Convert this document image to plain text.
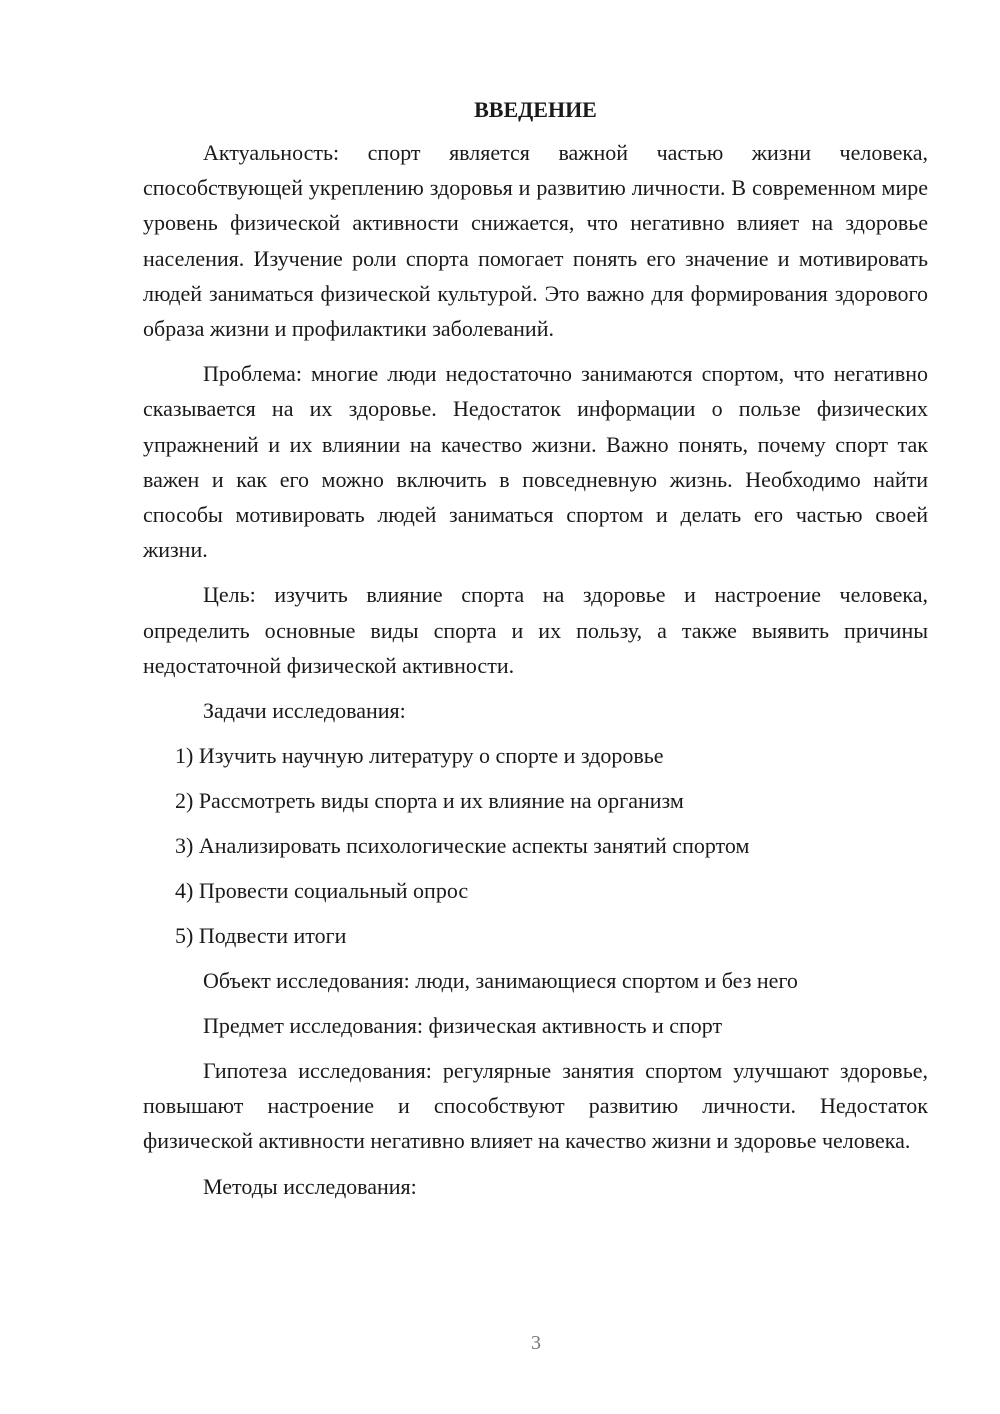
ВВЕДЕНИЕ

Актуальность: спорт является важной частью жизни человека, способствующей укреплению здоровья и развитию личности. В современном мире уровень физической активности снижается, что негативно влияет на здоровье населения. Изучение роли спорта помогает понять его значение и мотивировать людей заниматься физической культурой. Это важно для формирования здорового образа жизни и профилактики заболеваний.

Проблема: многие люди недостаточно занимаются спортом, что негативно сказывается на их здоровье. Недостаток информации о пользе физических упражнений и их влиянии на качество жизни. Важно понять, почему спорт так важен и как его можно включить в повседневную жизнь. Необходимо найти способы мотивировать людей заниматься спортом и делать его частью своей жизни.

Цель: изучить влияние спорта на здоровье и настроение человека, определить основные виды спорта и их пользу, а также выявить причины недостаточной физической активности.

Задачи исследования:

1) Изучить научную литературу о спорте и здоровье

2) Рассмотреть виды спорта и их влияние на организм

3) Анализировать психологические аспекты занятий спортом

4) Провести социальный опрос

5) Подвести итоги

Объект исследования: люди, занимающиеся спортом и без него

Предмет исследования: физическая активность и спорт

Гипотеза исследования: регулярные занятия спортом улучшают здоровье, повышают настроение и способствуют развитию личности. Недостаток физической активности негативно влияет на качество жизни и здоровье человека.

Методы исследования:

3
